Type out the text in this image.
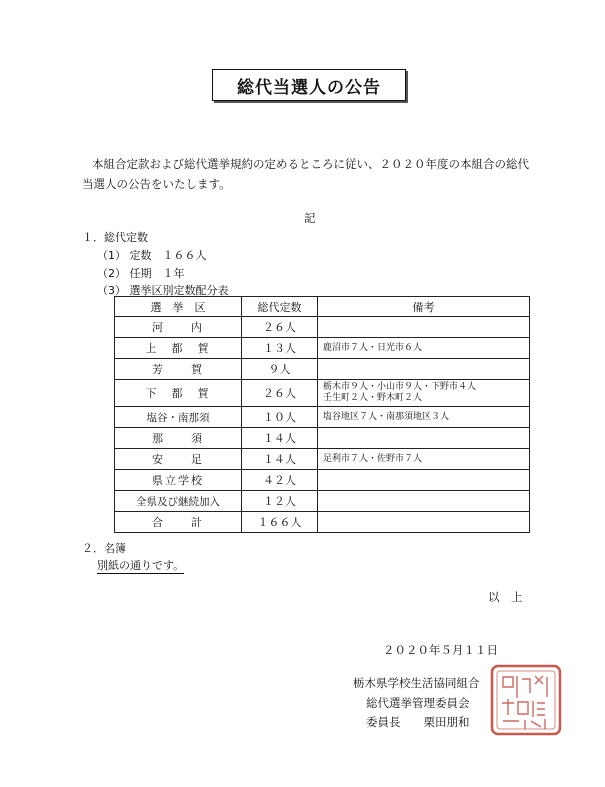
総代当選人の公告
本組合定款および総代選挙規約の定めるところに従い、２０２０年度の本組合の総代
当選人の公告をいたします。
記
１．総代定数
（1） 定数　１６６人
（2） 任期　１年
（3） 選挙区別定数配分表
選　挙　区	総代定数	備考
河　　内	２６人	
上　都　賀	１３人	鹿沼市７人・日光市６人
芳　　賀	９人	
下　都　賀	２６人	栃木市９人・小山市９人・下野市４人
壬生町２人・野木町２人

塩谷・南那須	１０人	塩谷地区７人・南那須地区３人
那　　須	１４人	
安　　足	１４人	足利市７人・佐野市７人
県立学校	４２人	
全県及び継続加入	１２人	
合　　計	１６６人	
２．名簿
別紙の通りです。
以　上
２０２０年５月１１日
栃木県学校生活協同組合
総代選挙管理委員会
委員長　　栗田朋和
